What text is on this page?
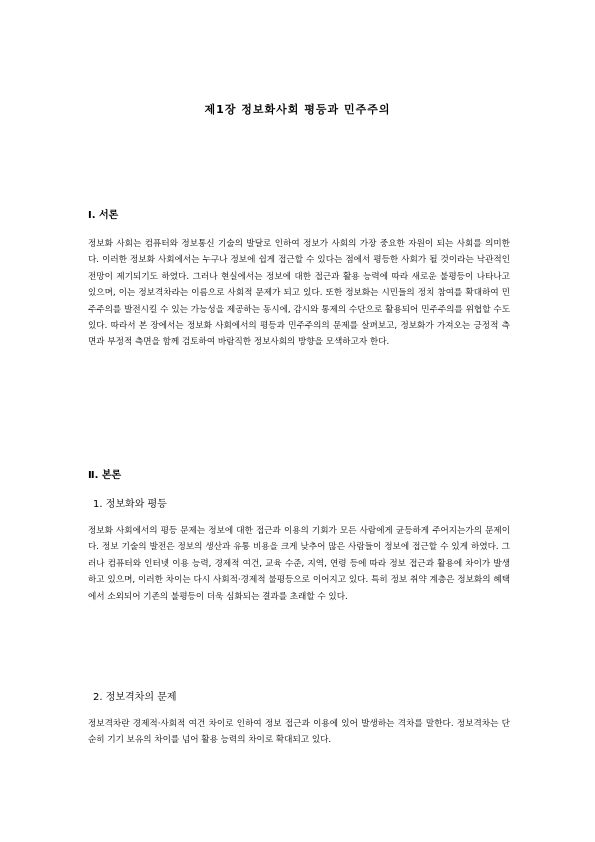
제1장 정보화사회 평등과 민주주의
Ⅰ. 서론
정보화 사회는 컴퓨터와 정보통신 기술의 발달로 인하여 정보가 사회의 가장 중요한 자원이 되는 사회를 의미한다. 이러한 정보화 사회에서는 누구나 정보에 쉽게 접근할 수 있다는 점에서 평등한 사회가 될 것이라는 낙관적인 전망이 제기되기도 하였다. 그러나 현실에서는 정보에 대한 접근과 활용 능력에 따라 새로운 불평등이 나타나고 있으며, 이는 정보격차라는 이름으로 사회적 문제가 되고 있다. 또한 정보화는 시민들의 정치 참여를 확대하여 민주주의를 발전시킬 수 있는 가능성을 제공하는 동시에, 감시와 통제의 수단으로 활용되어 민주주의를 위협할 수도 있다. 따라서 본 장에서는 정보화 사회에서의 평등과 민주주의의 문제를 살펴보고, 정보화가 가져오는 긍정적 측면과 부정적 측면을 함께 검토하여 바람직한 정보사회의 방향을 모색하고자 한다.
Ⅱ. 본론
1. 정보화와 평등
정보화 사회에서의 평등 문제는 정보에 대한 접근과 이용의 기회가 모든 사람에게 균등하게 주어지는가의 문제이다. 정보 기술의 발전은 정보의 생산과 유통 비용을 크게 낮추어 많은 사람들이 정보에 접근할 수 있게 하였다. 그러나 컴퓨터와 인터넷 이용 능력, 경제적 여건, 교육 수준, 지역, 연령 등에 따라 정보 접근과 활용에 차이가 발생하고 있으며, 이러한 차이는 다시 사회적·경제적 불평등으로 이어지고 있다. 특히 정보 취약 계층은 정보화의 혜택에서 소외되어 기존의 불평등이 더욱 심화되는 결과를 초래할 수 있다.
2. 정보격차의 문제
정보격차란 경제적·사회적 여건 차이로 인하여 정보 접근과 이용에 있어 발생하는 격차를 말한다. 정보격차는 단순히 기기 보유의 차이를 넘어 활용 능력의 차이로 확대되고 있다.
